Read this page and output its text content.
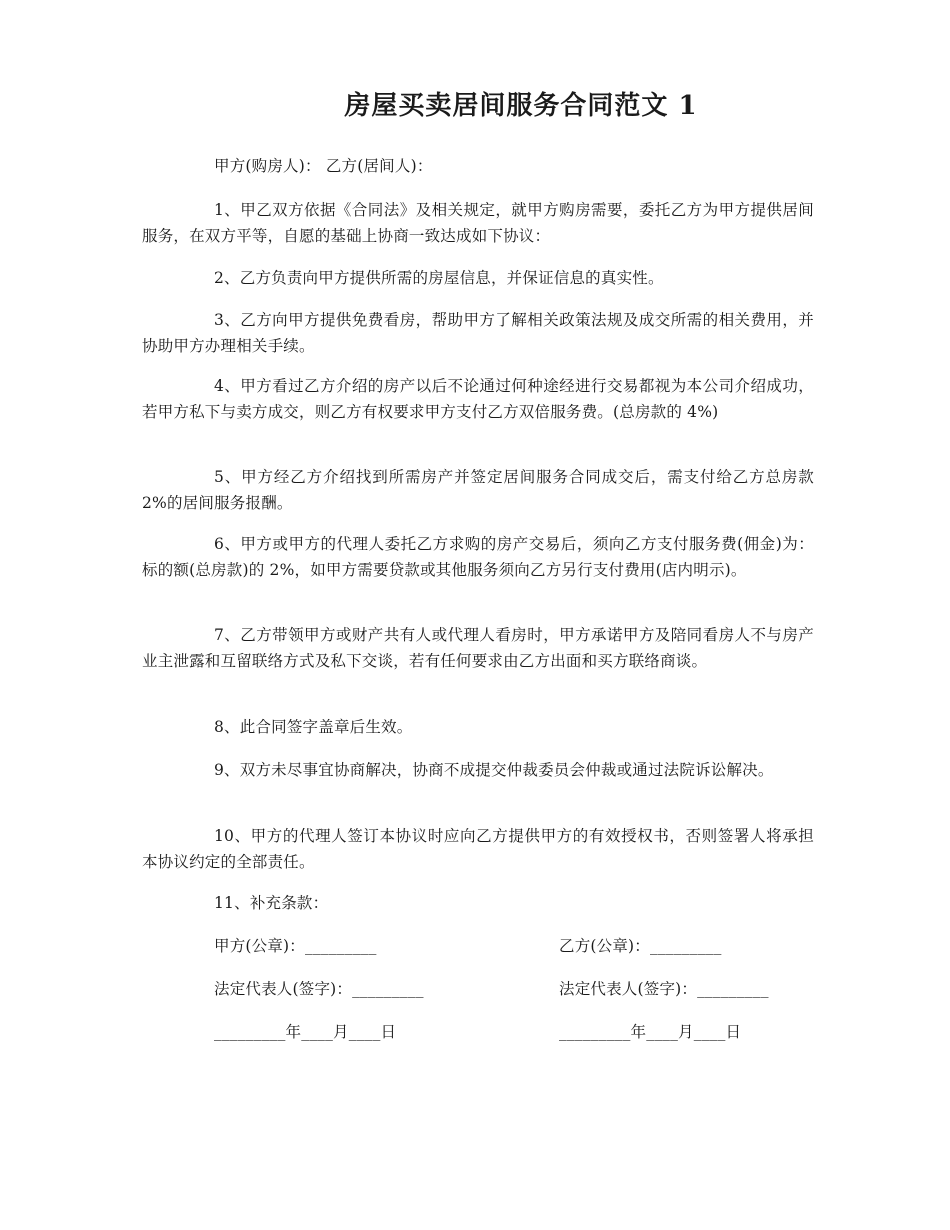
房屋买卖居间服务合同范文 1

甲方(购房人)： 乙方(居间人)：

1、甲乙双方依据《合同法》及相关规定，就甲方购房需要，委托乙方为甲方提供居间服务，在双方平等，自愿的基础上协商一致达成如下协议：

2、乙方负责向甲方提供所需的房屋信息，并保证信息的真实性。

3、乙方向甲方提供免费看房，帮助甲方了解相关政策法规及成交所需的相关费用，并协助甲方办理相关手续。

4、甲方看过乙方介绍的房产以后不论通过何种途经进行交易都视为本公司介绍成功，若甲方私下与卖方成交，则乙方有权要求甲方支付乙方双倍服务费。(总房款的 4%)

5、甲方经乙方介绍找到所需房产并签定居间服务合同成交后，需支付给乙方总房款 2%的居间服务报酬。

6、甲方或甲方的代理人委托乙方求购的房产交易后，须向乙方支付服务费(佣金)为：标的额(总房款)的 2%，如甲方需要贷款或其他服务须向乙方另行支付费用(店内明示)。

7、乙方带领甲方或财产共有人或代理人看房时，甲方承诺甲方及陪同看房人不与房产业主泄露和互留联络方式及私下交谈，若有任何要求由乙方出面和买方联络商谈。

8、此合同签字盖章后生效。

9、双方未尽事宜协商解决，协商不成提交仲裁委员会仲裁或通过法院诉讼解决。

10、甲方的代理人签订本协议时应向乙方提供甲方的有效授权书，否则签署人将承担本协议约定的全部责任。

11、补充条款：

甲方(公章)：_________	乙方(公章)：_________
法定代表人(签字)：_________	法定代表人(签字)：_________
_________年____月____日	_________年____月____日
